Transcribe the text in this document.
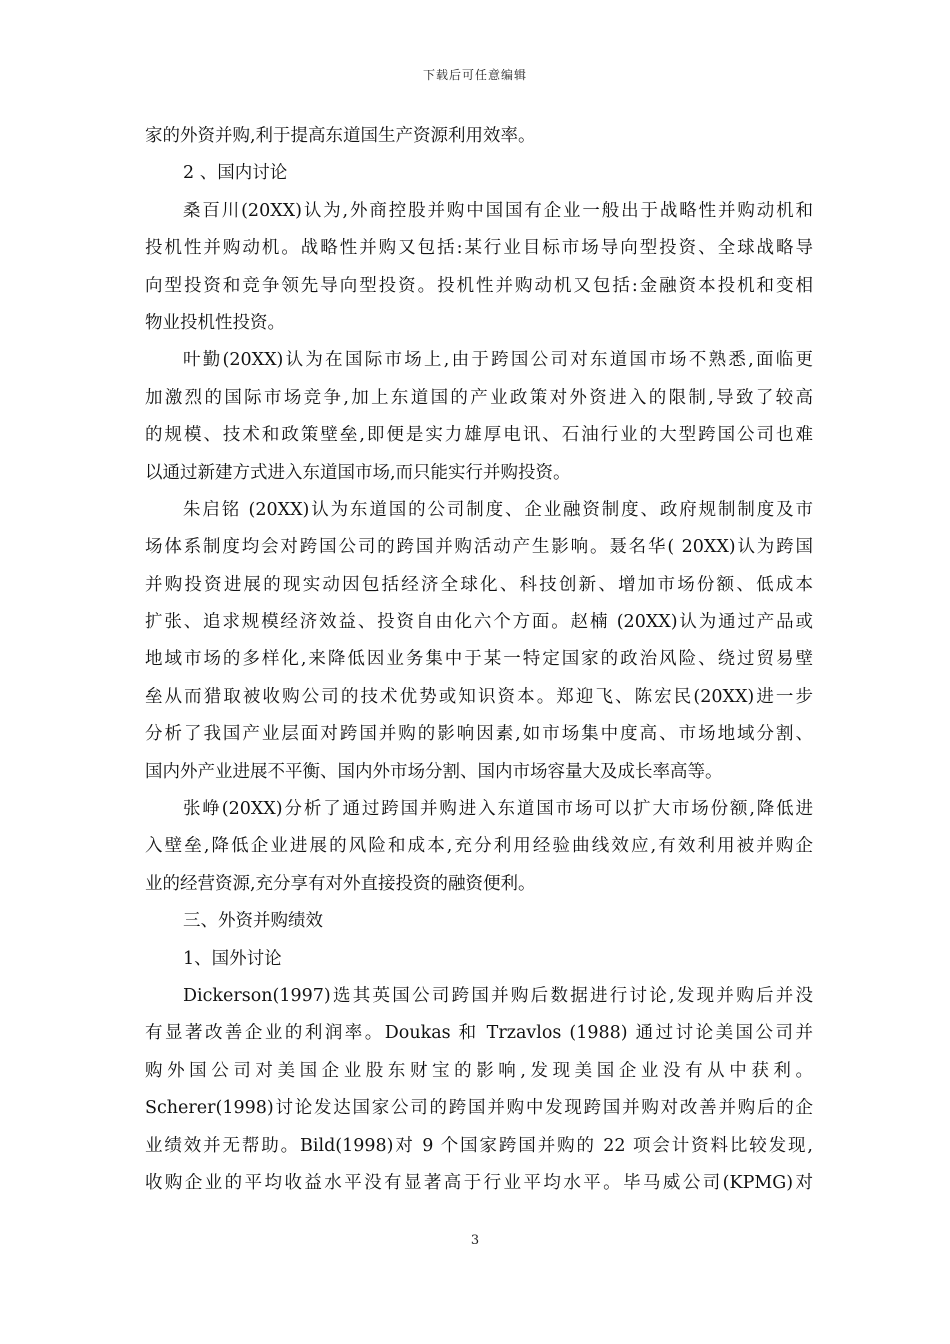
下载后可任意编辑
家的外资并购,利于提高东道国生产资源利用效率。
2 、国内讨论
桑百川(20XX)认为,外商控股并购中国国有企业一般出于战略性并购动机和
投机性并购动机。战略性并购又包括:某行业目标市场导向型投资、全球战略导
向型投资和竞争领先导向型投资。投机性并购动机又包括:金融资本投机和变相
物业投机性投资。
叶勤(20XX)认为在国际市场上,由于跨国公司对东道国市场不熟悉,面临更
加激烈的国际市场竞争,加上东道国的产业政策对外资进入的限制,导致了较高
的规模、技术和政策壁垒,即便是实力雄厚电讯、石油行业的大型跨国公司也难
以通过新建方式进入东道国市场,而只能实行并购投资。
朱启铭 (20XX)认为东道国的公司制度、企业融资制度、政府规制制度及市
场体系制度均会对跨国公司的跨国并购活动产生影响。聂名华( 20XX)认为跨国
并购投资进展的现实动因包括经济全球化、科技创新、增加市场份额、低成本
扩张、追求规模经济效益、投资自由化六个方面。赵楠 (20XX)认为通过产品或
地域市场的多样化,来降低因业务集中于某一特定国家的政治风险、绕过贸易壁
垒从而猎取被收购公司的技术优势或知识资本。郑迎飞、陈宏民(20XX)进一步
分析了我国产业层面对跨国并购的影响因素,如市场集中度高、市场地域分割、
国内外产业进展不平衡、国内外市场分割、国内市场容量大及成长率高等。
张峥(20XX)分析了通过跨国并购进入东道国市场可以扩大市场份额,降低进
入壁垒,降低企业进展的风险和成本,充分利用经验曲线效应,有效利用被并购企
业的经营资源,充分享有对外直接投资的融资便利。
三、外资并购绩效
1、国外讨论
Dickerson(1997)选其英国公司跨国并购后数据进行讨论,发现并购后并没
有显著改善企业的利润率。Doukas 和 Trzavlos (1988) 通过讨论美国公司并
购外国公司对美国企业股东财宝的影响,发现美国企业没有从中获利。
Scherer(1998)讨论发达国家公司的跨国并购中发现跨国并购对改善并购后的企
业绩效并无帮助。Bild(1998)对 9 个国家跨国并购的 22 项会计资料比较发现,
收购企业的平均收益水平没有显著高于行业平均水平。毕马威公司(KPMG)对
3
